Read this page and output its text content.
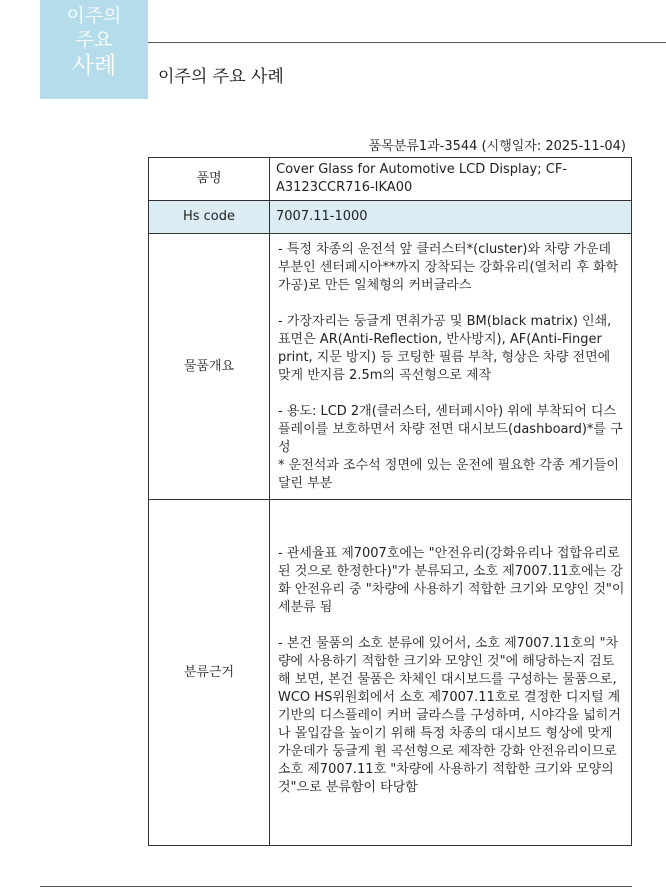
이주의
주요
사례	이주의 주요 사례
품목분류1과-3544 (시행일자: 2025-11-04)
품명	Cover Glass for Automotive LCD Display; CF-A3123CCR716-IKA00
Hs code	7007.11-1000
물품개요	- 특정 차종의 운전석 앞 클러스터*(cluster)와 차량 가운데 부분인 센터페시아**까지 장착되는 강화유리(열처리 후 화학가공)로 만든 일체형의 커버글라스

- 가장자리는 둥글게 면취가공 및 BM(black matrix) 인쇄, 표면은 AR(Anti-Reflection, 반사방지), AF(Anti-Finger print, 지문 방지) 등 코팅한 필름 부착, 형상은 차량 전면에 맞게 반지름 2.5m의 곡선형으로 제작

- 용도: LCD 2개(클러스터, 센터페시아) 위에 부착되어 디스플레이를 보호하면서 차량 전면 대시보드(dashboard)*를 구성

* 운전석과 조수석 정면에 있는 운전에 필요한 각종 계기들이 달린 부분

분류근거	- 관세율표 제7007호에는 "안전유리(강화유리나 접합유리로 된 것으로 한정한다)"가 분류되고, 소호 제7007.11호에는 강화 안전유리 중 "차량에 사용하기 적합한 크기와 모양인 것"이 세분류 됨

- 본건 물품의 소호 분류에 있어서, 소호 제7007.11호의 "차량에 사용하기 적합한 크기와 모양인 것"에 해당하는지 검토해 보면, 본건 물품은 차체인 대시보드를 구성하는 물품으로, WCO HS위원회에서 소호 제7007.11호로 결정한 디지털 계기반의 디스플레이 커버 글라스를 구성하며, 시야각을 넓히거나 몰입감을 높이기 위해 특정 차종의 대시보드 형상에 맞게 가운데가 둥글게 휜 곡선형으로 제작한 강화 안전유리이므로 소호 제7007.11호 "차량에 사용하기 적합한 크기와 모양의 것"으로 분류함이 타당함
